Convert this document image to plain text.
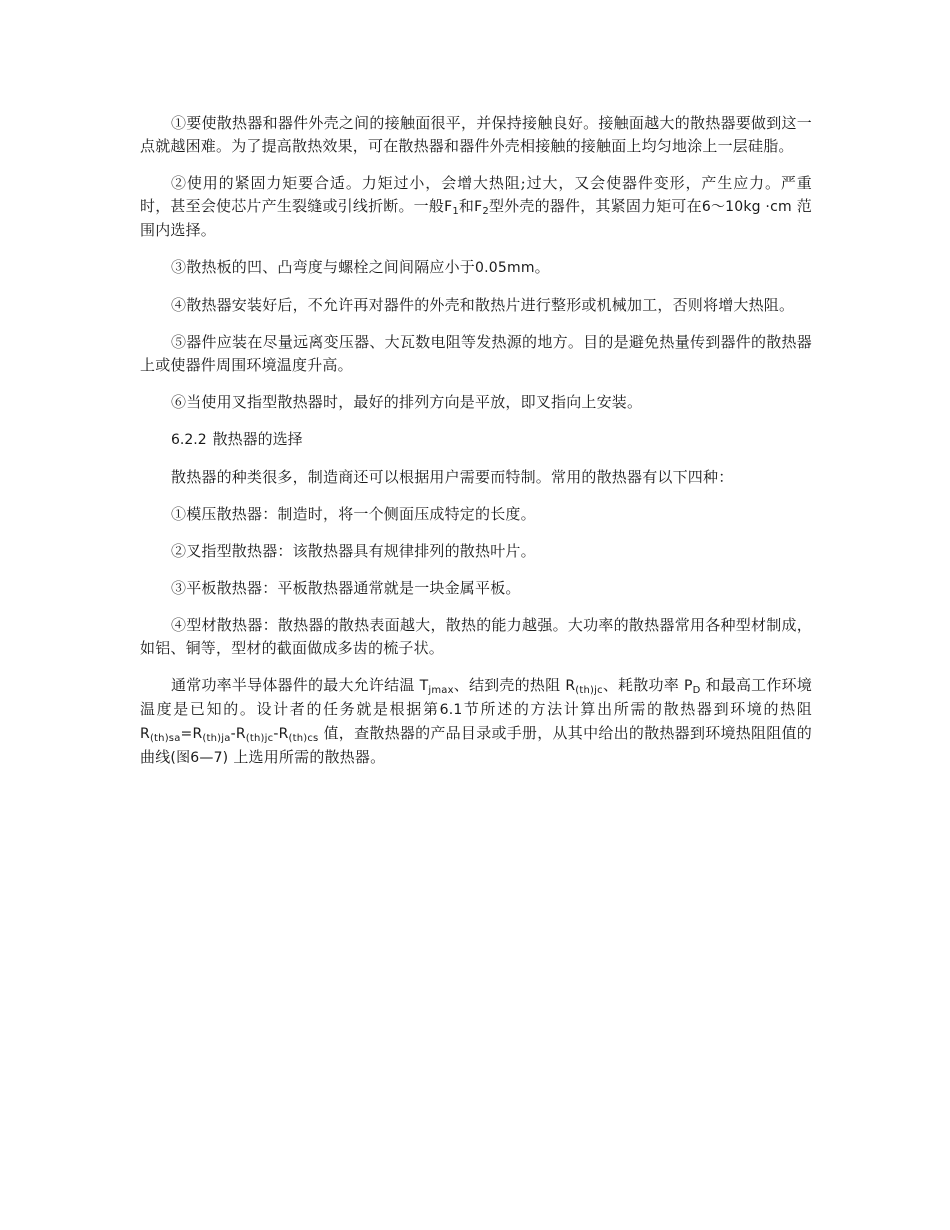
①要使散热器和器件外壳之间的接触面很平，并保持接触良好。接触面越大的散热器要做到这一点就越困难。为了提高散热效果，可在散热器和器件外壳相接触的接触面上均匀地涂上一层硅脂。

②使用的紧固力矩要合适。力矩过小，会增大热阻;过大，又会使器件变形，产生应力。严重时，甚至会使芯片产生裂缝或引线折断。一般$F_1$和$F_2$型外壳的器件，其紧固力矩可在6～10kg ·cm 范围内选择。

③散热板的凹、凸弯度与螺栓之间间隔应小于0.05mm。

④散热器安装好后，不允许再对器件的外壳和散热片进行整形或机械加工，否则将增大热阻。

⑤器件应装在尽量远离变压器、大瓦数电阻等发热源的地方。目的是避免热量传到器件的散热器上或使器件周围环境温度升高。

⑥当使用叉指型散热器时，最好的排列方向是平放，即叉指向上安装。

6.2.2 散热器的选择

散热器的种类很多，制造商还可以根据用户需要而特制。常用的散热器有以下四种：

①模压散热器：制造时，将一个侧面压成特定的长度。

②叉指型散热器：该散热器具有规律排列的散热叶片。

③平板散热器：平板散热器通常就是一块金属平板。

④型材散热器：散热器的散热表面越大，散热的能力越强。大功率的散热器常用各种型材制成，如铝、铜等，型材的截面做成多齿的梳子状。

通常功率半导体器件的最大允许结温 $T_{jmax}$、结到壳的热阻 $R_{(th)jc}$、耗散功率 $P_D$ 和最高工作环境温度是已知的。设计者的任务就是根据第6.1节所述的方法计算出所需的散热器到环境的热阻 $R_{(th)sa}=R_{(th)ja}-R_{(th)jc}-R_{(th)cs}$ 值，查散热器的产品目录或手册，从其中给出的散热器到环境热阻阻值的曲线(图6—7) 上选用所需的散热器。
